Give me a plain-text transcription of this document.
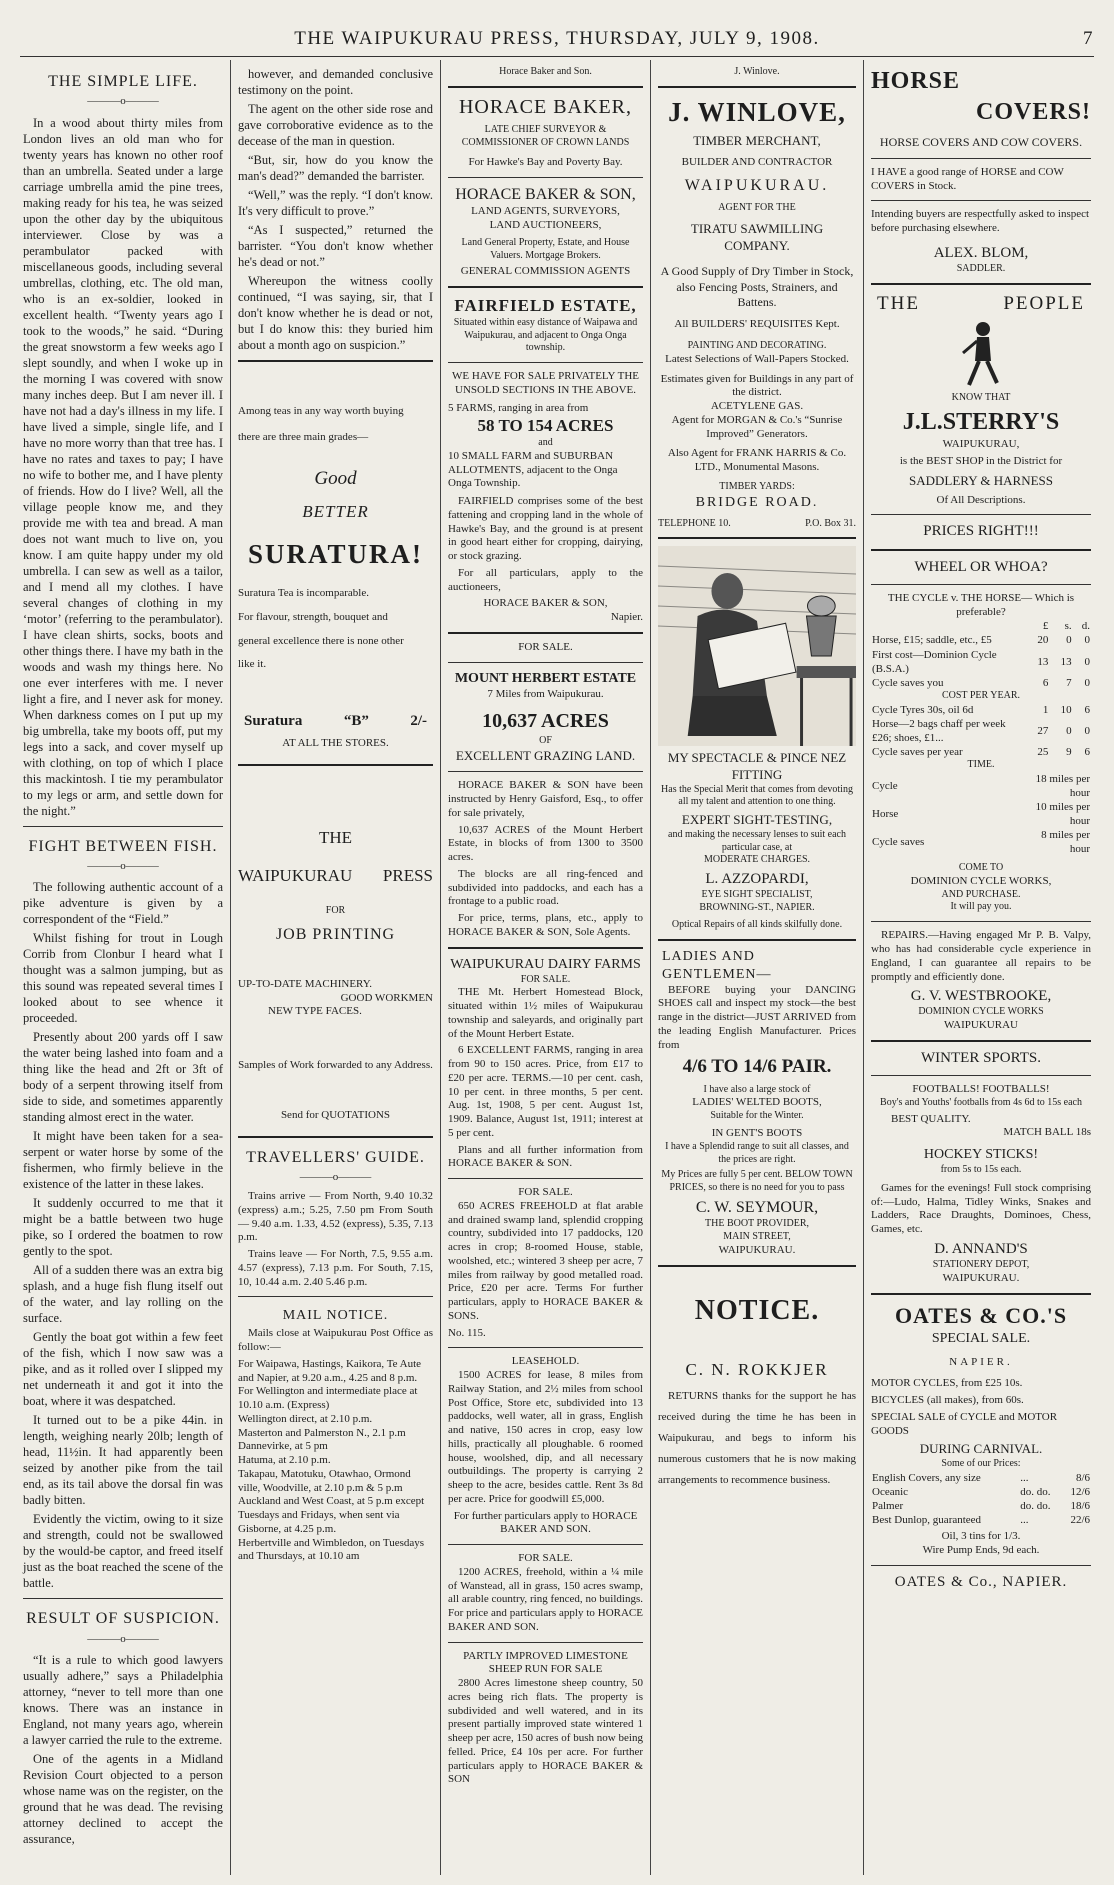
THE WAIPUKURAU PRESS, THURSDAY, JULY 9, 1908.	7
THE SIMPLE LIFE.
———o———

In a wood about thirty miles from London lives an old man who for twenty years has known no other roof than an umbrella. Seated under a large carriage umbrella amid the pine trees, making ready for his tea, he was seized upon the other day by the ubiquitous interviewer. Close by was a perambulator packed with miscellaneous goods, including several umbrellas, clothing, etc. The old man, who is an ex-soldier, looked in excellent health. “Twenty years ago I took to the woods,” he said. “During the great snowstorm a few weeks ago I slept soundly, and when I woke up in the morning I was covered with snow many inches deep. But I am never ill. I have not had a day's illness in my life. I have lived a simple, single life, and I have no more worry than that tree has. I have no rates and taxes to pay; I have no wife to bother me, and I have plenty of friends. How do I live? Well, all the village people know me, and they provide me with tea and bread. A man does not want much to live on, you know. I am quite happy under my old umbrella. I can sew as well as a tailor, and I mend all my clothes. I have several changes of clothing in my ‘motor’ (referring to the perambulator). I have clean shirts, socks, boots and other things there. I have my bath in the woods and wash my things here. No one ever interferes with me. I never light a fire, and I never ask for money. When darkness comes on I put up my big umbrella, take my boots off, put my legs into a sack, and cover myself up with clothing, on top of which I place this mackintosh. I tie my perambulator to my legs or arm, and settle down for the night.”

FIGHT BETWEEN FISH.
———o———

The following authentic account of a pike adventure is given by a correspondent of the “Field.”

Whilst fishing for trout in Lough Corrib from Clonbur I heard what I thought was a salmon jumping, but as this sound was repeated several times I looked about to see whence it proceeded.

Presently about 200 yards off I saw the water being lashed into foam and a thing like the head and 2ft or 3ft of body of a serpent throwing itself from side to side, and sometimes apparently standing almost erect in the water.

It might have been taken for a sea-serpent or water horse by some of the fishermen, who firmly believe in the existence of the latter in these lakes.

It suddenly occurred to me that it might be a battle between two huge pike, so I ordered the boatmen to row gently to the spot.

All of a sudden there was an extra big splash, and a huge fish flung itself out of the water, and lay rolling on the surface.

Gently the boat got within a few feet of the fish, which I now saw was a pike, and as it rolled over I slipped my net underneath it and got it into the boat, where it was despatched.

It turned out to be a pike 44in. in length, weighing nearly 20lb; length of head, 11½in. It had apparently been seized by another pike from the tail end, as its tail above the dorsal fin was badly bitten.

Evidently the victim, owing to it size and strength, could not be swallowed by the would-be captor, and freed itself just as the boat reached the scene of the battle.

RESULT OF SUSPICION.
———o———

“It is a rule to which good lawyers usually adhere,” says a Philadelphia attorney, “never to tell more than one knows. There was an instance in England, not many years ago, wherein a lawyer carried the rule to the extreme.

One of the agents in a Midland Revision Court objected to a person whose name was on the register, on the ground that he was dead. The revising attorney declined to accept the assurance,

however, and demanded conclusive testimony on the point.

The agent on the other side rose and gave corroborative evidence as to the decease of the man in question.

“But, sir, how do you know the man's dead?” demanded the barrister.

“Well,” was the reply. “I don't know. It's very difficult to prove.”

“As I suspected,” returned the barrister. “You don't know whether he's dead or not.”

Whereupon the witness coolly continued, “I was saying, sir, that I don't know whether he is dead or not, but I do know this: they buried him about a month ago on suspicion.”

Among teas in any way worth buying
there are three main grades—
Good
BETTER
SURATURA!
Suratura Tea is incomparable.
For flavour, strength, bouquet and
general excellence there is none other
like it.
Suratura	“B”	2/-
AT ALL THE STORES.
THE
WAIPUKURAU PRESS
FOR
JOB PRINTING
UP-TO-DATE MACHINERY.
GOOD WORKMEN
NEW TYPE FACES.
Samples of Work forwarded to any Address.
Send for QUOTATIONS
TRAVELLERS' GUIDE.
———o———

Trains arrive — From North, 9.40 10.32 (express) a.m.; 5.25, 7.50 pm From South — 9.40 a.m. 1.33, 4.52 (express), 5.35, 7.13 p.m.

Trains leave — For North, 7.5, 9.55 a.m. 4.57 (express), 7.13 p.m. For South, 7.15, 10, 10.44 a.m. 2.40 5.46 p.m.

MAIL NOTICE.

Mails close at Waipukurau Post Office as follow:—

For Waipawa, Hastings, Kaikora, Te Aute and Napier, at 9.20 a.m., 4.25 and 8 p.m.
For Wellington and intermediate place at 10.10 a.m. (Express)
Wellington direct, at 2.10 p.m.
Masterton and Palmerston N., 2.1 p.m
Dannevirke, at 5 pm
Hatuma, at 2.10 p.m.
Takapau, Matotuku, Otawhao, Ormond ville, Woodville, at 2.10 p.m & 5 p.m
Auckland and West Coast, at 5 p.m except Tuesdays and Fridays, when sent via Gisborne, at 4.25 p.m.
Herbertville and Wimbledon, on Tuesdays and Thursdays, at 10.10 am
Horace Baker and Son.
HORACE BAKER,
LATE CHIEF SURVEYOR & COMMISSIONER OF CROWN LANDS
For Hawke's Bay and Poverty Bay.
HORACE BAKER & SON,
LAND AGENTS, SURVEYORS,
LAND AUCTIONEERS,
Land General Property, Estate, and House Valuers. Mortgage Brokers.
GENERAL COMMISSION AGENTS
FAIRFIELD ESTATE,
Situated within easy distance of Waipawa and Waipukurau, and adjacent to Onga Onga township.
WE HAVE FOR SALE PRIVATELY THE UNSOLD SECTIONS IN THE ABOVE.
5 FARMS, ranging in area from
58 TO 154 ACRES
and
10 SMALL FARM and SUBURBAN ALLOTMENTS, adjacent to the Onga Onga Township.

FAIRFIELD comprises some of the best fattening and cropping land in the whole of Hawke's Bay, and the ground is at present in good heart either for cropping, dairying, or stock grazing.

For all particulars, apply to the auctioneers,

HORACE BAKER & SON,
Napier.
FOR SALE.
MOUNT HERBERT ESTATE
7 Miles from Waipukurau.
10,637 ACRES
OF
EXCELLENT GRAZING LAND.

HORACE BAKER & SON have been instructed by Henry Gaisford, Esq., to offer for sale privately,

10,637 ACRES of the Mount Herbert Estate, in blocks of from 1300 to 3500 acres.

The blocks are all ring-fenced and subdivided into paddocks, and each has a frontage to a public road.

For price, terms, plans, etc., apply to HORACE BAKER & SON, Sole Agents.

WAIPUKURAU DAIRY FARMS
FOR SALE.

THE Mt. Herbert Homestead Block, situated within 1½ miles of Waipukurau township and saleyards, and originally part of the Mount Herbert Estate.

6 EXCELLENT FARMS, ranging in area from 90 to 150 acres. Price, from £17 to £20 per acre. TERMS.—10 per cent. cash, 10 per cent. in three months, 5 per cent. Aug. 1st, 1908, 5 per cent. August 1st, 1909. Balance, August 1st, 1911; interest at 5 per cent.

Plans and all further information from HORACE BAKER & SON.

FOR SALE.

650 ACRES FREEHOLD at flat arable and drained swamp land, splendid cropping country, subdivided into 17 paddocks, 120 acres in crop; 8-roomed House, stable, woolshed, etc.; wintered 3 sheep per acre, 7 miles from railway by good metalled road. Price, £20 per acre. Terms For further particulars, apply to HORACE BAKER & SONS.

No. 115.
LEASEHOLD.

1500 ACRES for lease, 8 miles from Railway Station, and 2½ miles from school Post Office, Store etc, subdivided into 13 paddocks, well water, all in grass, English and native, 150 acres in crop, easy low hills, practically all ploughable. 6 roomed house, woolshed, dip, and all necessary outbuildings. The property is carrying 2 sheep to the acre, besides cattle. Rent 3s 8d per acre. Price for goodwill £5,000.

For further particulars apply to HORACE BAKER AND SON.

FOR SALE.

1200 ACRES, freehold, within a ¼ mile of Wanstead, all in grass, 150 acres swamp, all arable country, ring fenced, no buildings. For price and particulars apply to HORACE BAKER AND SON.

PARTLY IMPROVED LIMESTONE SHEEP RUN FOR SALE

2800 Acres limestone sheep country, 50 acres being rich flats. The property is subdivided and well watered, and in its present partially improved state wintered 1 sheep per acre, 150 acres of bush now being felled. Price, £4 10s per acre. For further particulars apply to HORACE BAKER & SON

J. Winlove.
J. WINLOVE,
TIMBER MERCHANT,
BUILDER AND CONTRACTOR
WAIPUKURAU.
AGENT FOR THE
TIRATU SAWMILLING COMPANY.
A Good Supply of Dry Timber in Stock, also Fencing Posts, Strainers, and Battens.
All BUILDERS' REQUISITES Kept.
PAINTING AND DECORATING.
Latest Selections of Wall-Papers Stocked.
Estimates given for Buildings in any part of the district.
ACETYLENE GAS.
Agent for MORGAN & Co.'s “Sunrise Improved” Generators.
Also Agent for FRANK HARRIS & Co. LTD., Monumental Masons.
TIMBER YARDS:
BRIDGE ROAD.
TELEPHONE 10.	P.O. Box 31.
MY SPECTACLE & PINCE NEZ FITTING
Has the Special Merit that comes from devoting all my talent and attention to one thing.
EXPERT SIGHT-TESTING,
and making the necessary lenses to suit each particular case, at
MODERATE CHARGES.
L. AZZOPARDI,
EYE SIGHT SPECIALIST,
BROWNING-ST., NAPIER.
Optical Repairs of all kinds skilfully done.
LADIES AND
GENTLEMEN—

BEFORE buying your DANCING SHOES call and inspect my stock—the best range in the district—JUST ARRIVED from the leading English Manufacturer. Prices from

4/6 TO 14/6 PAIR.
I have also a large stock of
LADIES' WELTED BOOTS,
Suitable for the Winter.
IN GENT'S BOOTS
I have a Splendid range to suit all classes, and the prices are right.
My Prices are fully 5 per cent. BELOW TOWN PRICES, so there is no need for you to pass
C. W. SEYMOUR,
THE BOOT PROVIDER,
MAIN STREET,
WAIPUKURAU.
NOTICE.
C. N. ROKKJER

RETURNS thanks for the support he has received during the time he has been in Waipukurau, and begs to inform his numerous customers that he is now making arrangements to recommence business.

HORSE
COVERS!
HORSE COVERS AND COW COVERS.
I HAVE a good range of HORSE and COW COVERS in Stock.
Intending buyers are respectfully asked to inspect before purchasing elsewhere.
ALEX. BLOM,
SADDLER.
THE	PEOPLE
KNOW THAT
J.L.STERRY'S
WAIPUKURAU,
is the BEST SHOP in the District for
SADDLERY & HARNESS
Of All Descriptions.
PRICES RIGHT!!!
WHEEL OR WHOA?
THE CYCLE v. THE HORSE— Which is preferable?
	£	s.	d.
Horse, £15; saddle, etc., £5	20	0	0
First cost—Dominion Cycle (B.S.A.)	13	13	0
Cycle saves you	6	7	0
COST PER YEAR.			
Cycle Tyres 30s, oil 6d	1	10	6
Horse—2 bags chaff per week £26; shoes, £1...	27	0	0
Cycle saves per year	25	9	6
TIME.			
Cycle	18 miles per hour		
Horse	10 miles per hour		
Cycle saves	8 miles per hour		
COME TO
DOMINION CYCLE WORKS,
AND PURCHASE.
It will pay you.

REPAIRS.—Having engaged Mr P. B. Valpy, who has had considerable cycle experience in England, I can guarantee all repairs to be promptly and efficiently done.

G. V. WESTBROOKE,
DOMINION CYCLE WORKS
WAIPUKURAU
WINTER SPORTS.
FOOTBALLS! FOOTBALLS!
Boy's and Youths' footballs from 4s 6d to 15s each
BEST QUALITY.
MATCH BALL 18s
HOCKEY STICKS!
from 5s to 15s each.

Games for the evenings! Full stock comprising of:—Ludo, Halma, Tidley Winks, Snakes and Ladders, Race Draughts, Dominoes, Chess, Games, etc.

D. ANNAND'S
STATIONERY DEPOT,
WAIPUKURAU.
OATES & CO.'S
SPECIAL SALE.
NAPIER.
MOTOR CYCLES, from £25 10s.
BICYCLES (all makes), from 60s.
SPECIAL SALE of CYCLE and MOTOR GOODS
DURING CARNIVAL.
Some of our Prices:
English Covers, any size	...	8/6
Oceanic	do. do.	12/6
Palmer	do. do.	18/6
Best Dunlop, guaranteed	...	22/6
Oil, 3 tins for 1/3.
Wire Pump Ends, 9d each.
OATES & Co., NAPIER.
